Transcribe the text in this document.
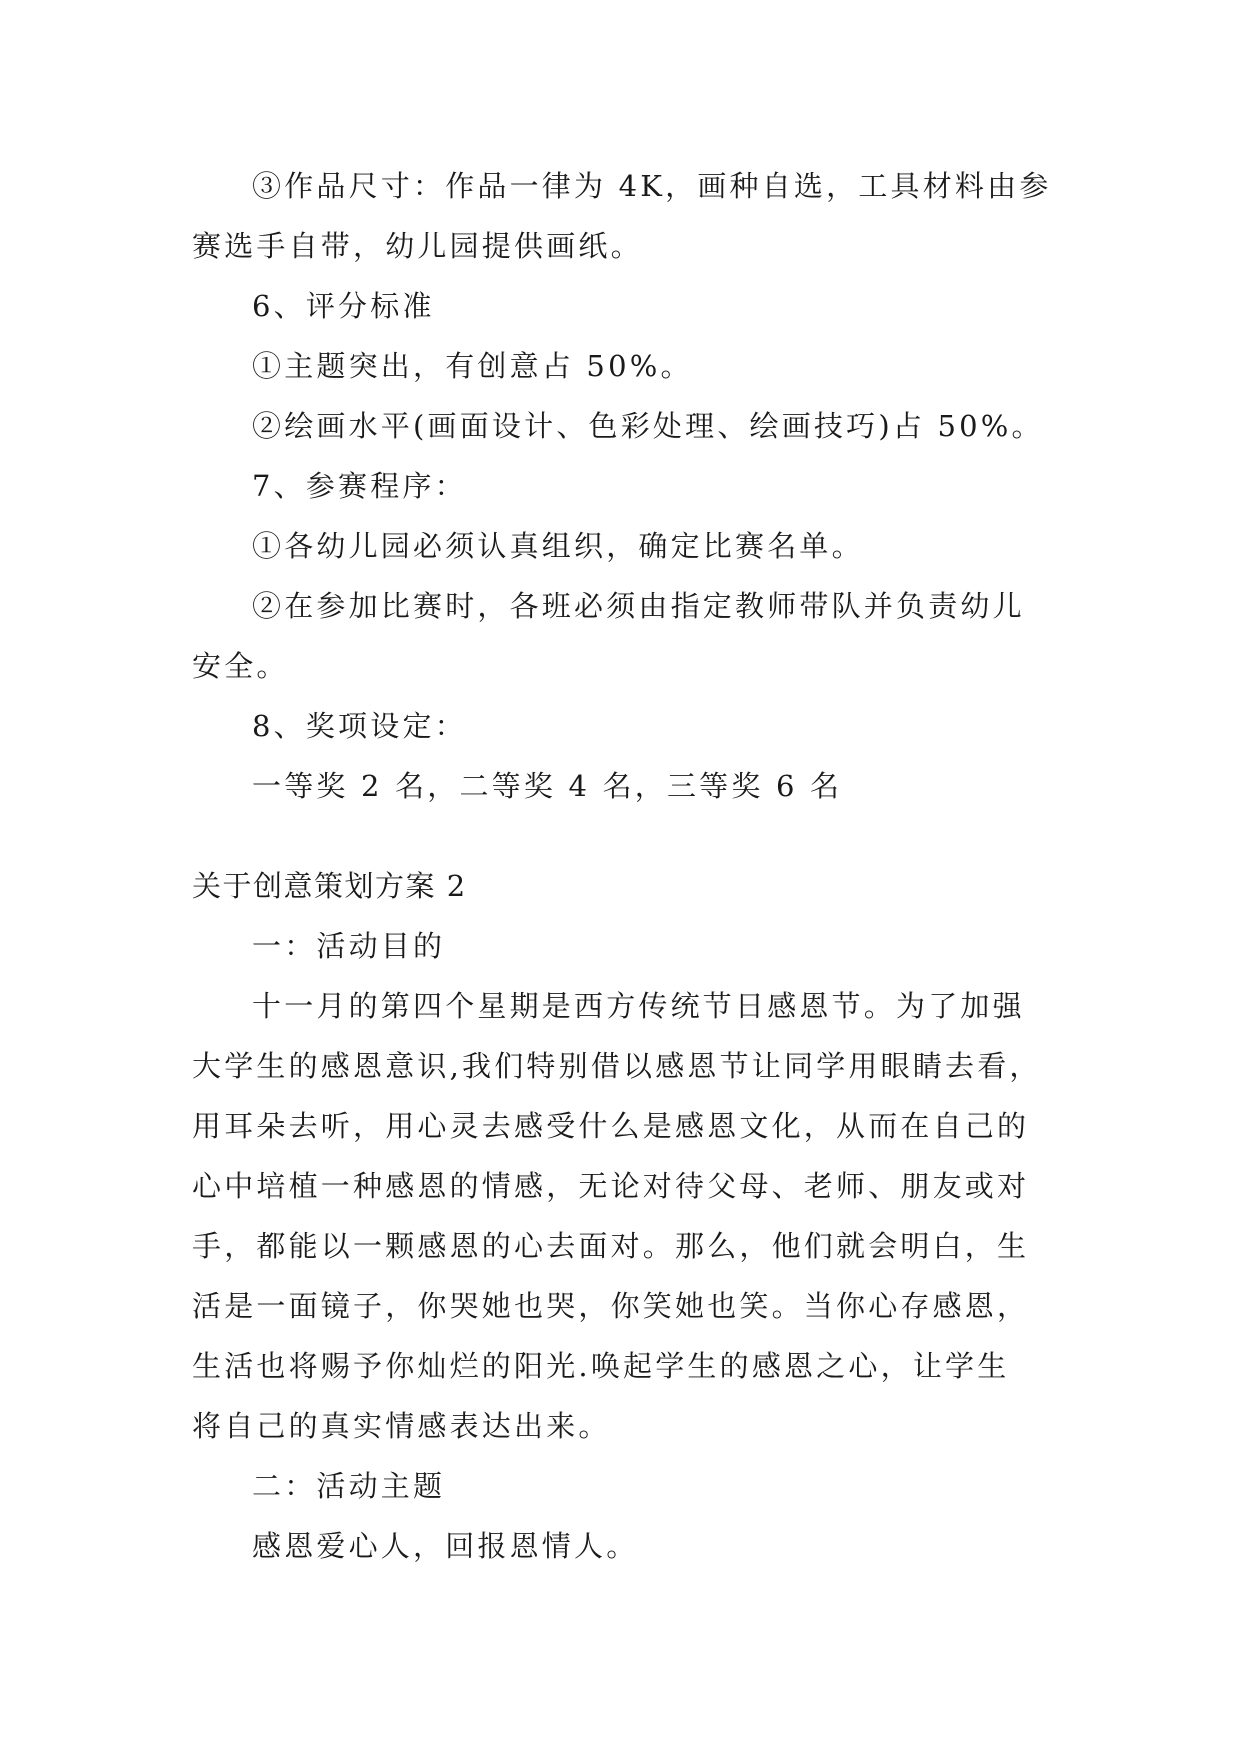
③作品尺寸：作品一律为 4K，画种自选，工具材料由参
赛选手自带，幼儿园提供画纸。
6、评分标准
①主题突出，有创意占 50%。
②绘画水平(画面设计、色彩处理、绘画技巧)占 50%。
7、参赛程序：
①各幼儿园必须认真组织，确定比赛名单。
②在参加比赛时，各班必须由指定教师带队并负责幼儿
安全。
8、奖项设定：
一等奖 2 名，二等奖 4 名，三等奖 6 名
关于创意策划方案 2
一：活动目的
十一月的第四个星期是西方传统节日感恩节。为了加强
大学生的感恩意识,我们特别借以感恩节让同学用眼睛去看，
用耳朵去听，用心灵去感受什么是感恩文化，从而在自己的
心中培植一种感恩的情感，无论对待父母、老师、朋友或对
手，都能以一颗感恩的心去面对。那么，他们就会明白，生
活是一面镜子，你哭她也哭，你笑她也笑。当你心存感恩，
生活也将赐予你灿烂的阳光.唤起学生的感恩之心，让学生
将自己的真实情感表达出来。
二：活动主题
感恩爱心人，回报恩情人。
